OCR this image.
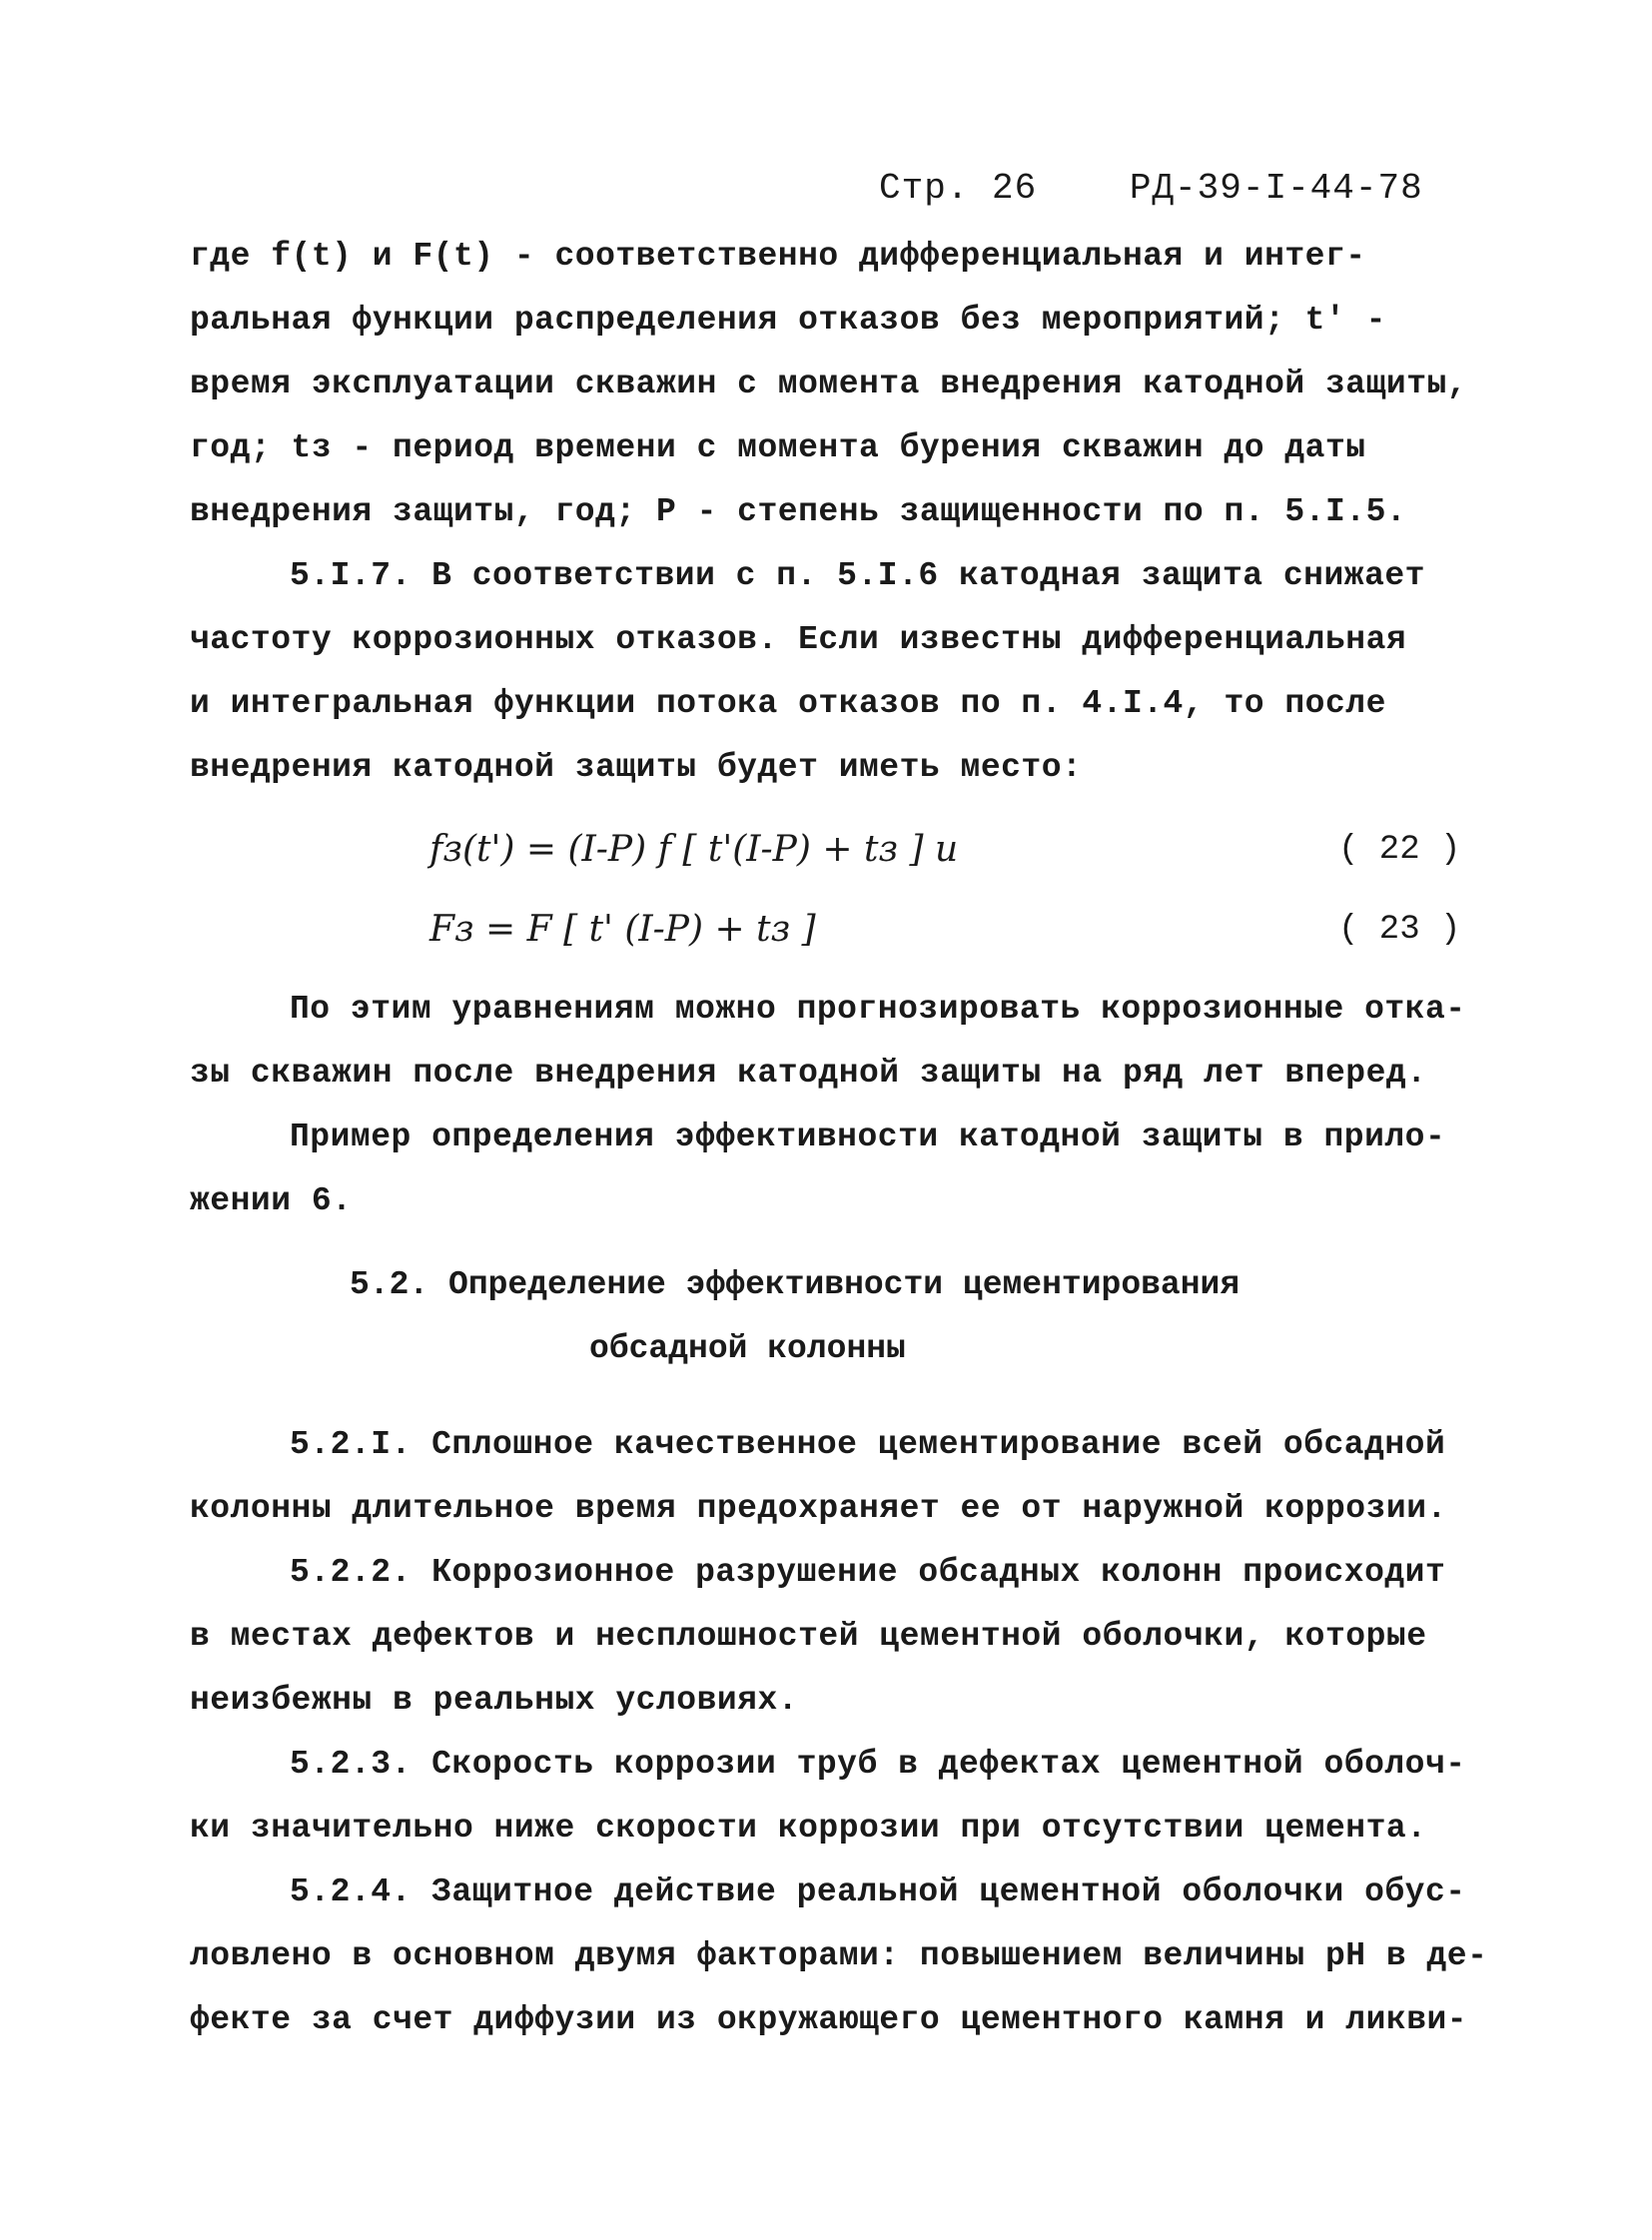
Стр. 26	РД-39-I-44-78
где f(t) и F(t) - соответственно дифференциальная и интег-
ральная функции распределения отказов без мероприятий; t' -
время эксплуатации скважин с момента внедрения катодной защиты,
год; tз - период времени с момента бурения скважин до даты
внедрения защиты, год; Р - степень защищенности по п. 5.I.5.
5.I.7. В соответствии с п. 5.I.6 катодная защита снижает
частоту коррозионных отказов. Если известны дифференциальная
и интегральная функции потока отказов по п. 4.I.4, то после
внедрения катодной защиты будет иметь место:
fз(t') = (I-P) f [ t'(I-P) + tз ] и	( 22 )
Fз = F [ t' (I-P) + tз ]	( 23 )
По этим уравнениям можно прогнозировать коррозионные отка-
зы скважин после внедрения катодной защиты на ряд лет вперед.
Пример определения эффективности катодной защиты в прило-
жении 6.
5.2. Определение эффективности цементирования
обсадной колонны
5.2.I. Сплошное качественное цементирование всей обсадной
колонны длительное время предохраняет ее от наружной коррозии.
5.2.2. Коррозионное разрушение обсадных колонн происходит
в местах дефектов и несплошностей цементной оболочки, которые
неизбежны в реальных условиях.
5.2.3. Скорость коррозии труб в дефектах цементной оболоч-
ки значительно ниже скорости коррозии при отсутствии цемента.
5.2.4. Защитное действие реальной цементной оболочки обус-
ловлено в основном двумя факторами: повышением величины pH в де-
фекте за счет диффузии из окружающего цементного камня и ликви-
